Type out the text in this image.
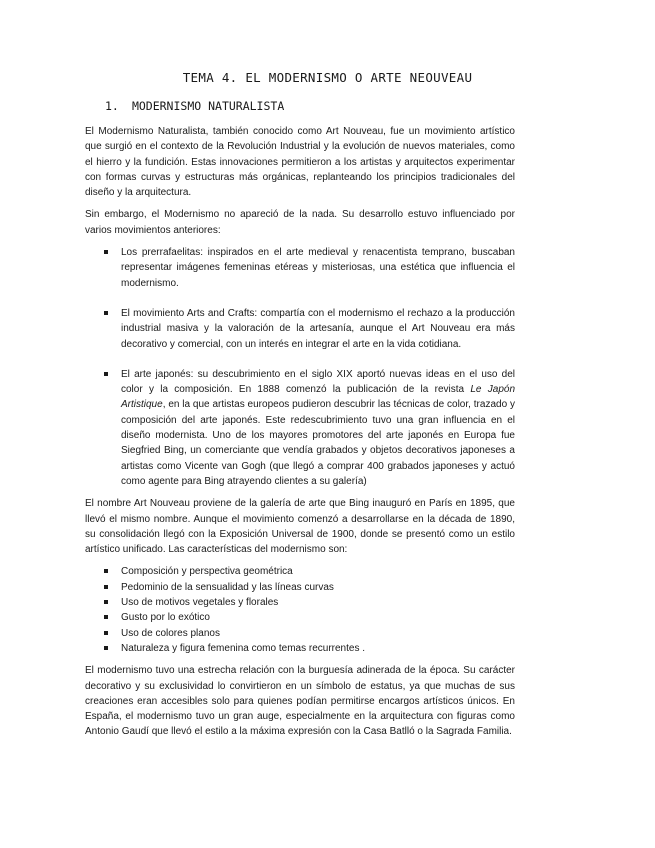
TEMA 4. EL MODERNISMO O ARTE NEOUVEAU
1. MODERNISMO NATURALISTA

El Modernismo Naturalista, también conocido como Art Nouveau, fue un movimiento artístico que surgió en el contexto de la Revolución Industrial y la evolución de nuevos materiales, como el hierro y la fundición. Estas innovaciones permitieron a los artistas y arquitectos experimentar con formas curvas y estructuras más orgánicas, replanteando los principios tradicionales del diseño y la arquitectura.

Sin embargo, el Modernismo no apareció de la nada. Su desarrollo estuvo influenciado por varios movimientos anteriores:

Los prerrafaelitas: inspirados en el arte medieval y renacentista temprano, buscaban representar imágenes femeninas etéreas y misteriosas, una estética que influencia el modernismo.
El movimiento Arts and Crafts: compartía con el modernismo el rechazo a la producción industrial masiva y la valoración de la artesanía, aunque el Art Nouveau era más decorativo y comercial, con un interés en integrar el arte en la vida cotidiana.
El arte japonés: su descubrimiento en el siglo XIX aportó nuevas ideas en el uso del color y la composición. En 1888 comenzó la publicación de la revista Le Japón Artistique, en la que artistas europeos pudieron descubrir las técnicas de color, trazado y composición del arte japonés. Este redescubrimiento tuvo una gran influencia en el diseño modernista. Uno de los mayores promotores del arte japonés en Europa fue Siegfried Bing, un comerciante que vendía grabados y objetos decorativos japoneses a artistas como Vicente van Gogh (que llegó a comprar 400 grabados japoneses y actuó como agente para Bing atrayendo clientes a su galería)

El nombre Art Nouveau proviene de la galería de arte que Bing inauguró en París en 1895, que llevó el mismo nombre. Aunque el movimiento comenzó a desarrollarse en la década de 1890, su consolidación llegó con la Exposición Universal de 1900, donde se presentó como un estilo artístico unificado. Las características del modernismo son:

Composición y perspectiva geométrica
Pedominio de la sensualidad y las líneas curvas
Uso de motivos vegetales y florales
Gusto por lo exótico
Uso de colores planos
Naturaleza y figura femenina como temas recurrentes .

El modernismo tuvo una estrecha relación con la burguesía adinerada de la época. Su carácter decorativo y su exclusividad lo convirtieron en un símbolo de estatus, ya que muchas de sus creaciones eran accesibles solo para quienes podían permitirse encargos artísticos únicos. En España, el modernismo tuvo un gran auge, especialmente en la arquitectura con figuras como Antonio Gaudí que llevó el estilo a la máxima expresión con la Casa Batlló o la Sagrada Familia.
